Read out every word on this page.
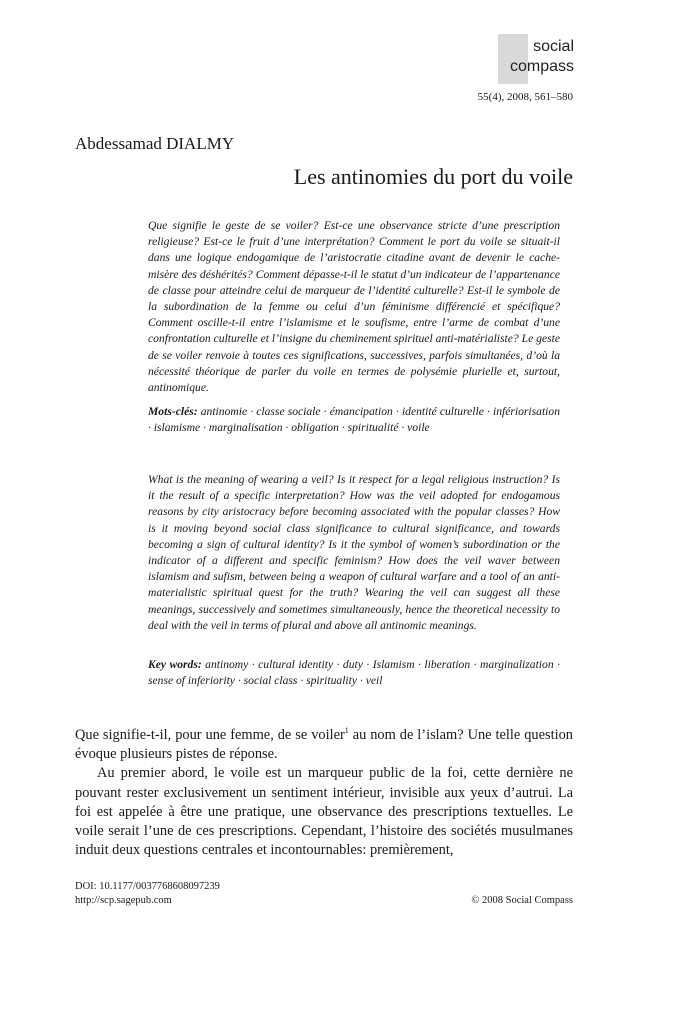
social
compass
55(4), 2008, 561–580
Abdessamad DIALMY
Les antinomies du port du voile
Que signifie le geste de se voiler? Est-ce une observance stricte d’une prescription religieuse? Est-ce le fruit d’une interprétation? Comment le port du voile se situait-il dans une logique endogamique de l’aristocratie citadine avant de devenir le cache-misère des déshérités? Comment dépasse-t-il le statut d’un indicateur de l’appartenance de classe pour atteindre celui de marqueur de l’identité culturelle? Est-il le symbole de la subordination de la femme ou celui d’un féminisme différencié et spécifique? Comment oscille-t-il entre l’islamisme et le soufisme, entre l’arme de combat d’une confrontation culturelle et l’insigne du cheminement spirituel anti-matérialiste? Le geste de se voiler renvoie à toutes ces significations, successives, parfois simultanées, d’où la nécessité théorique de parler du voile en termes de polysémie plurielle et, surtout, antinomique.
Mots-clés: antinomie · classe sociale · émancipation · identité culturelle · infériorisation · islamisme · marginalisation · obligation · spiritualité · voile
What is the meaning of wearing a veil? Is it respect for a legal religious instruction? Is it the result of a specific interpretation? How was the veil adopted for endogamous reasons by city aristocracy before becoming associated with the popular classes? How is it moving beyond social class significance to cultural significance, and towards becoming a sign of cultural identity? Is it the symbol of women’s subordination or the indicator of a different and specific feminism? How does the veil waver between islamism and sufism, between being a weapon of cultural warfare and a tool of an anti-materialistic spiritual quest for the truth? Wearing the veil can suggest all these meanings, successively and sometimes simultaneously, hence the theoretical necessity to deal with the veil in terms of plural and above all antinomic meanings.
Key words: antinomy · cultural identity · duty · Islamism · liberation · marginalization · sense of inferiority · social class · spirituality · veil

Que signifie-t-il, pour une femme, de se voiler$^1$ au nom de l’islam? Une telle question évoque plusieurs pistes de réponse.

Au premier abord, le voile est un marqueur public de la foi, cette dernière ne pouvant rester exclusivement un sentiment intérieur, invisible aux yeux d’autrui. La foi est appelée à être une pratique, une observance des prescriptions textuelles. Le voile serait l’une de ces prescriptions. Cependant, l’histoire des sociétés musulmanes induit deux questions centrales et incontournables: premièrement,

DOI: 10.1177/0037768608097239
http://scp.sagepub.com	© 2008 Social Compass
